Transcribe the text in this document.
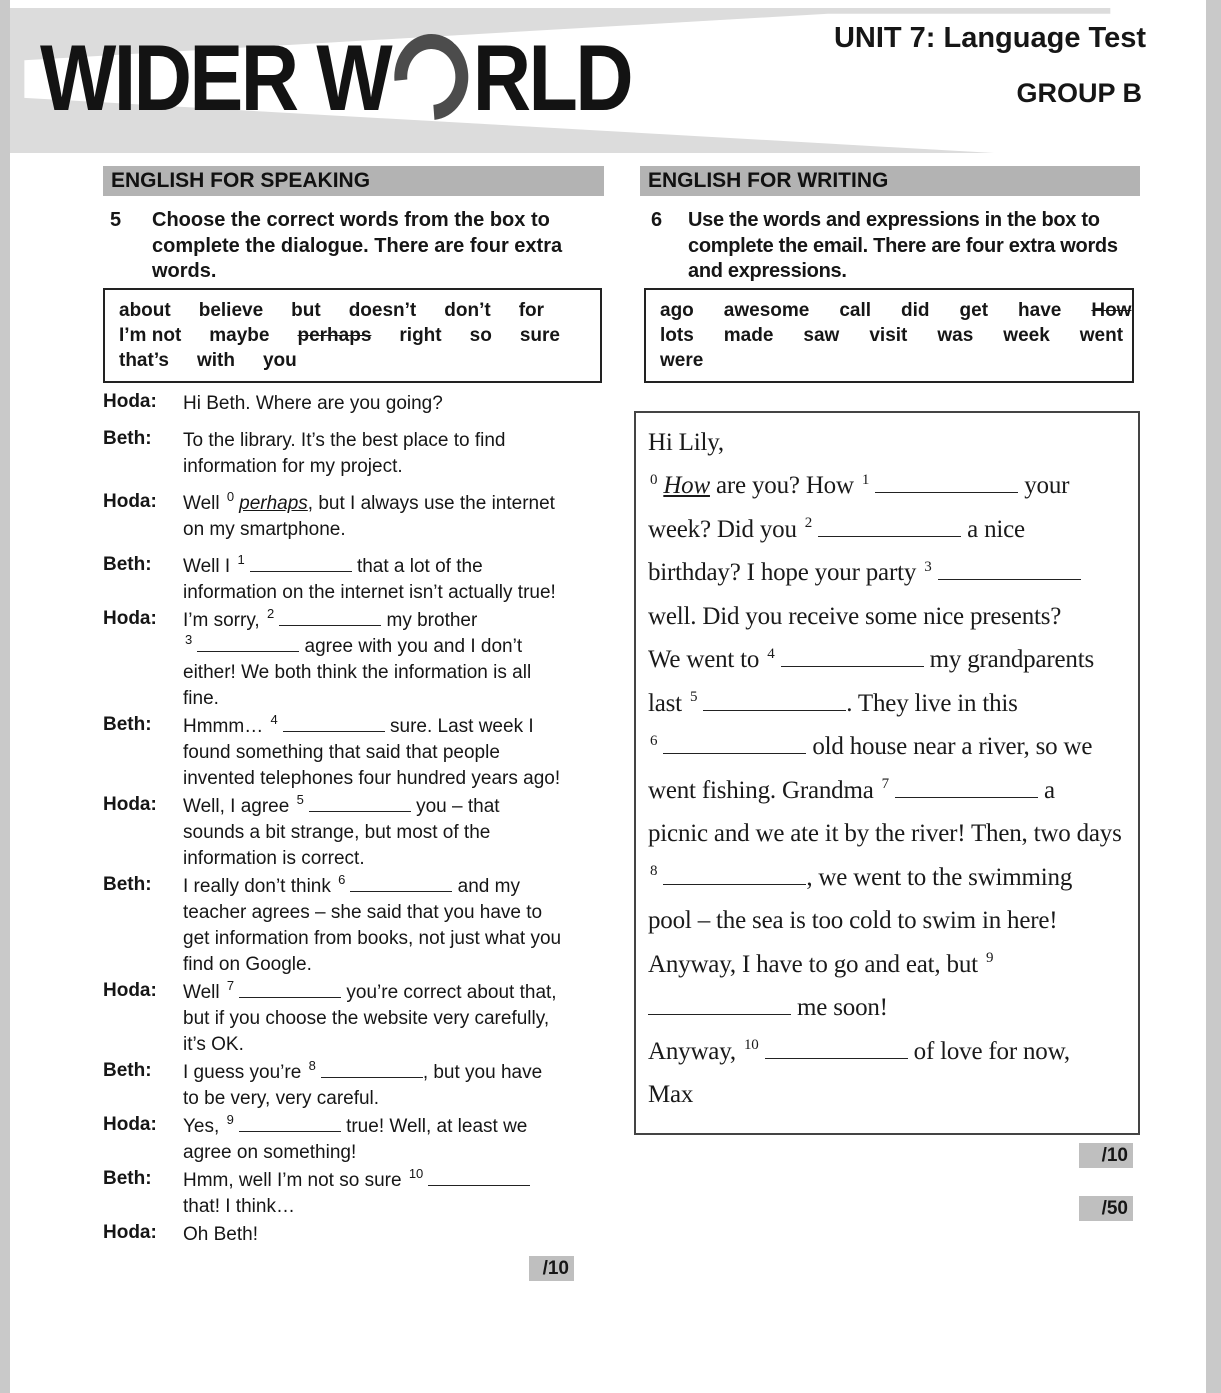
WIDER W RLD	UNIT 7: Language Test
GROUP B
ENGLISH FOR SPEAKING
5	Choose the correct words from the box to complete the dialogue. There are four extra words.
about believe but doesn’t don’t for
I’m not maybe perhaps right so sure
that’s with you
Hoda:	Hi Beth. Where are you going?
Beth:	To the library. It’s the best place to find
information for my project.
Hoda:	Well $^0$ perhaps, but I always use the internet
on my smartphone.
Beth:	Well I $^1$	that a lot of the
information on the internet isn’t actually true!
Hoda:	I’m sorry, $^2$	my brother
$^3$	agree with you and I don’t
either! We both think the information is all
fine.
Beth:	Hmmm… $^4$	sure. Last week I
found something that said that people
invented telephones four hundred years ago!
Hoda:	Well, I agree $^5$	you – that
sounds a bit strange, but most of the
information is correct.
Beth:	I really don’t think $^6$	and my
teacher agrees – she said that you have to
get information from books, not just what you
find on Google.
Hoda:	Well $^7$	you’re correct about that,
but if you choose the website very carefully,
it’s OK.
Beth:	I guess you’re $^8$	, but you have
to be very, very careful.
Hoda:	Yes, $^9$	true! Well, at least we
agree on something!
Beth:	Hmm, well I’m not so sure $^{10}$
that! I think…
Hoda:	Oh Beth!
/10
ENGLISH FOR WRITING
6	Use the words and expressions in the box to complete the email. There are four extra words and expressions.
ago awesome call did get have How
lots made saw visit was week went
were
Hi Lily,
$^0$ How are you? How $^1$	your
week? Did you $^2$	a nice
birthday? I hope your party $^3$
well. Did you receive some nice presents?
We went to $^4$	my grandparents
last $^5$	. They live in this
$^6$	old house near a river, so we
went fishing. Grandma $^7$	a
picnic and we ate it by the river! Then, two days
$^8$	, we went to the swimming
pool – the sea is too cold to swim in here!
Anyway, I have to go and eat, but $^9$
me soon!
Anyway, $^{10}$	of love for now,
Max
/10
/50
